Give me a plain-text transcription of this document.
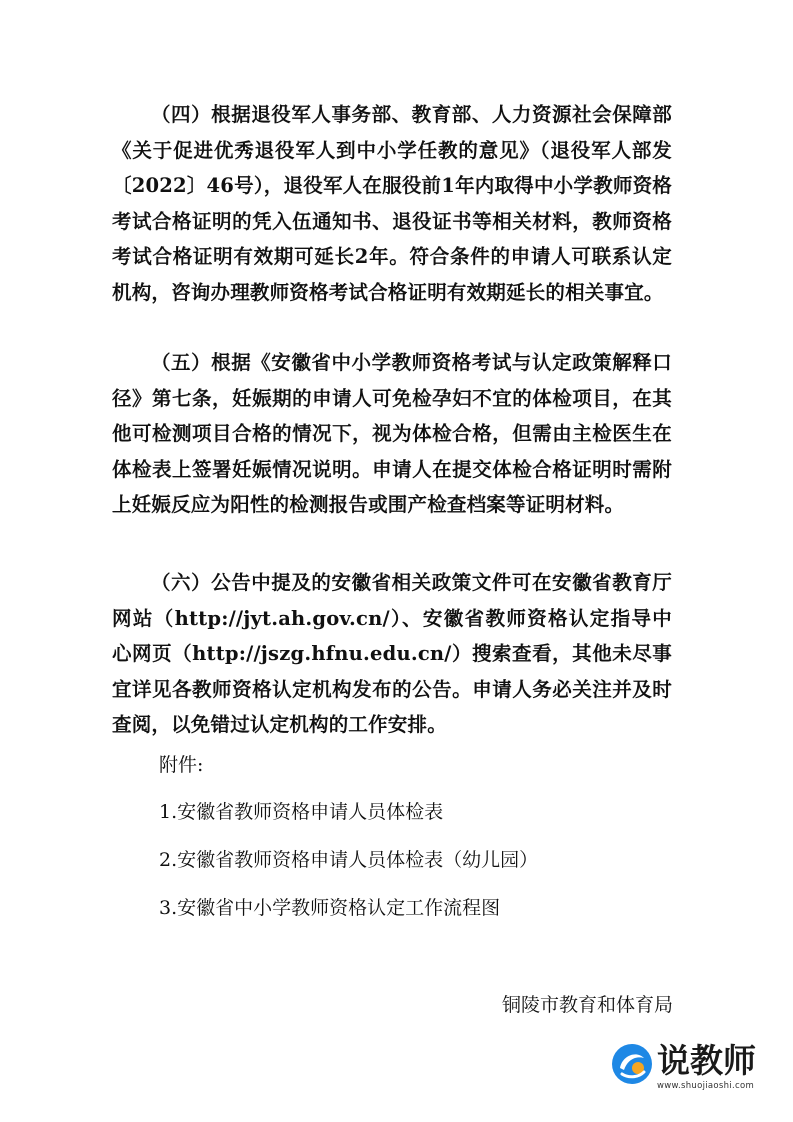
（四）根据退役军人事务部、教育部、人力资源社会保障部《关于促进优秀退役军人到中小学任教的意见》（退役军人部发〔2022〕46号），退役军人在服役前1年内取得中小学教师资格考试合格证明的凭入伍通知书、退役证书等相关材料，教师资格考试合格证明有效期可延长2年。符合条件的申请人可联系认定机构，咨询办理教师资格考试合格证明有效期延长的相关事宜。

（五）根据《安徽省中小学教师资格考试与认定政策解释口径》第七条，妊娠期的申请人可免检孕妇不宜的体检项目，在其他可检测项目合格的情况下，视为体检合格，但需由主检医生在体检表上签署妊娠情况说明。申请人在提交体检合格证明时需附上妊娠反应为阳性的检测报告或围产检查档案等证明材料。

（六）公告中提及的安徽省相关政策文件可在安徽省教育厅网站（http://jyt.ah.gov.cn/）、安徽省教师资格认定指导中心网页（http://jszg.hfnu.edu.cn/）搜索查看，其他未尽事宜详见各教师资格认定机构发布的公告。申请人务必关注并及时查阅，以免错过认定机构的工作安排。

附件:

1.安徽省教师资格申请人员体检表

2.安徽省教师资格申请人员体检表（幼儿园）

3.安徽省中小学教师资格认定工作流程图

铜陵市教育和体育局

说教师
www.shuojiaoshi.com
